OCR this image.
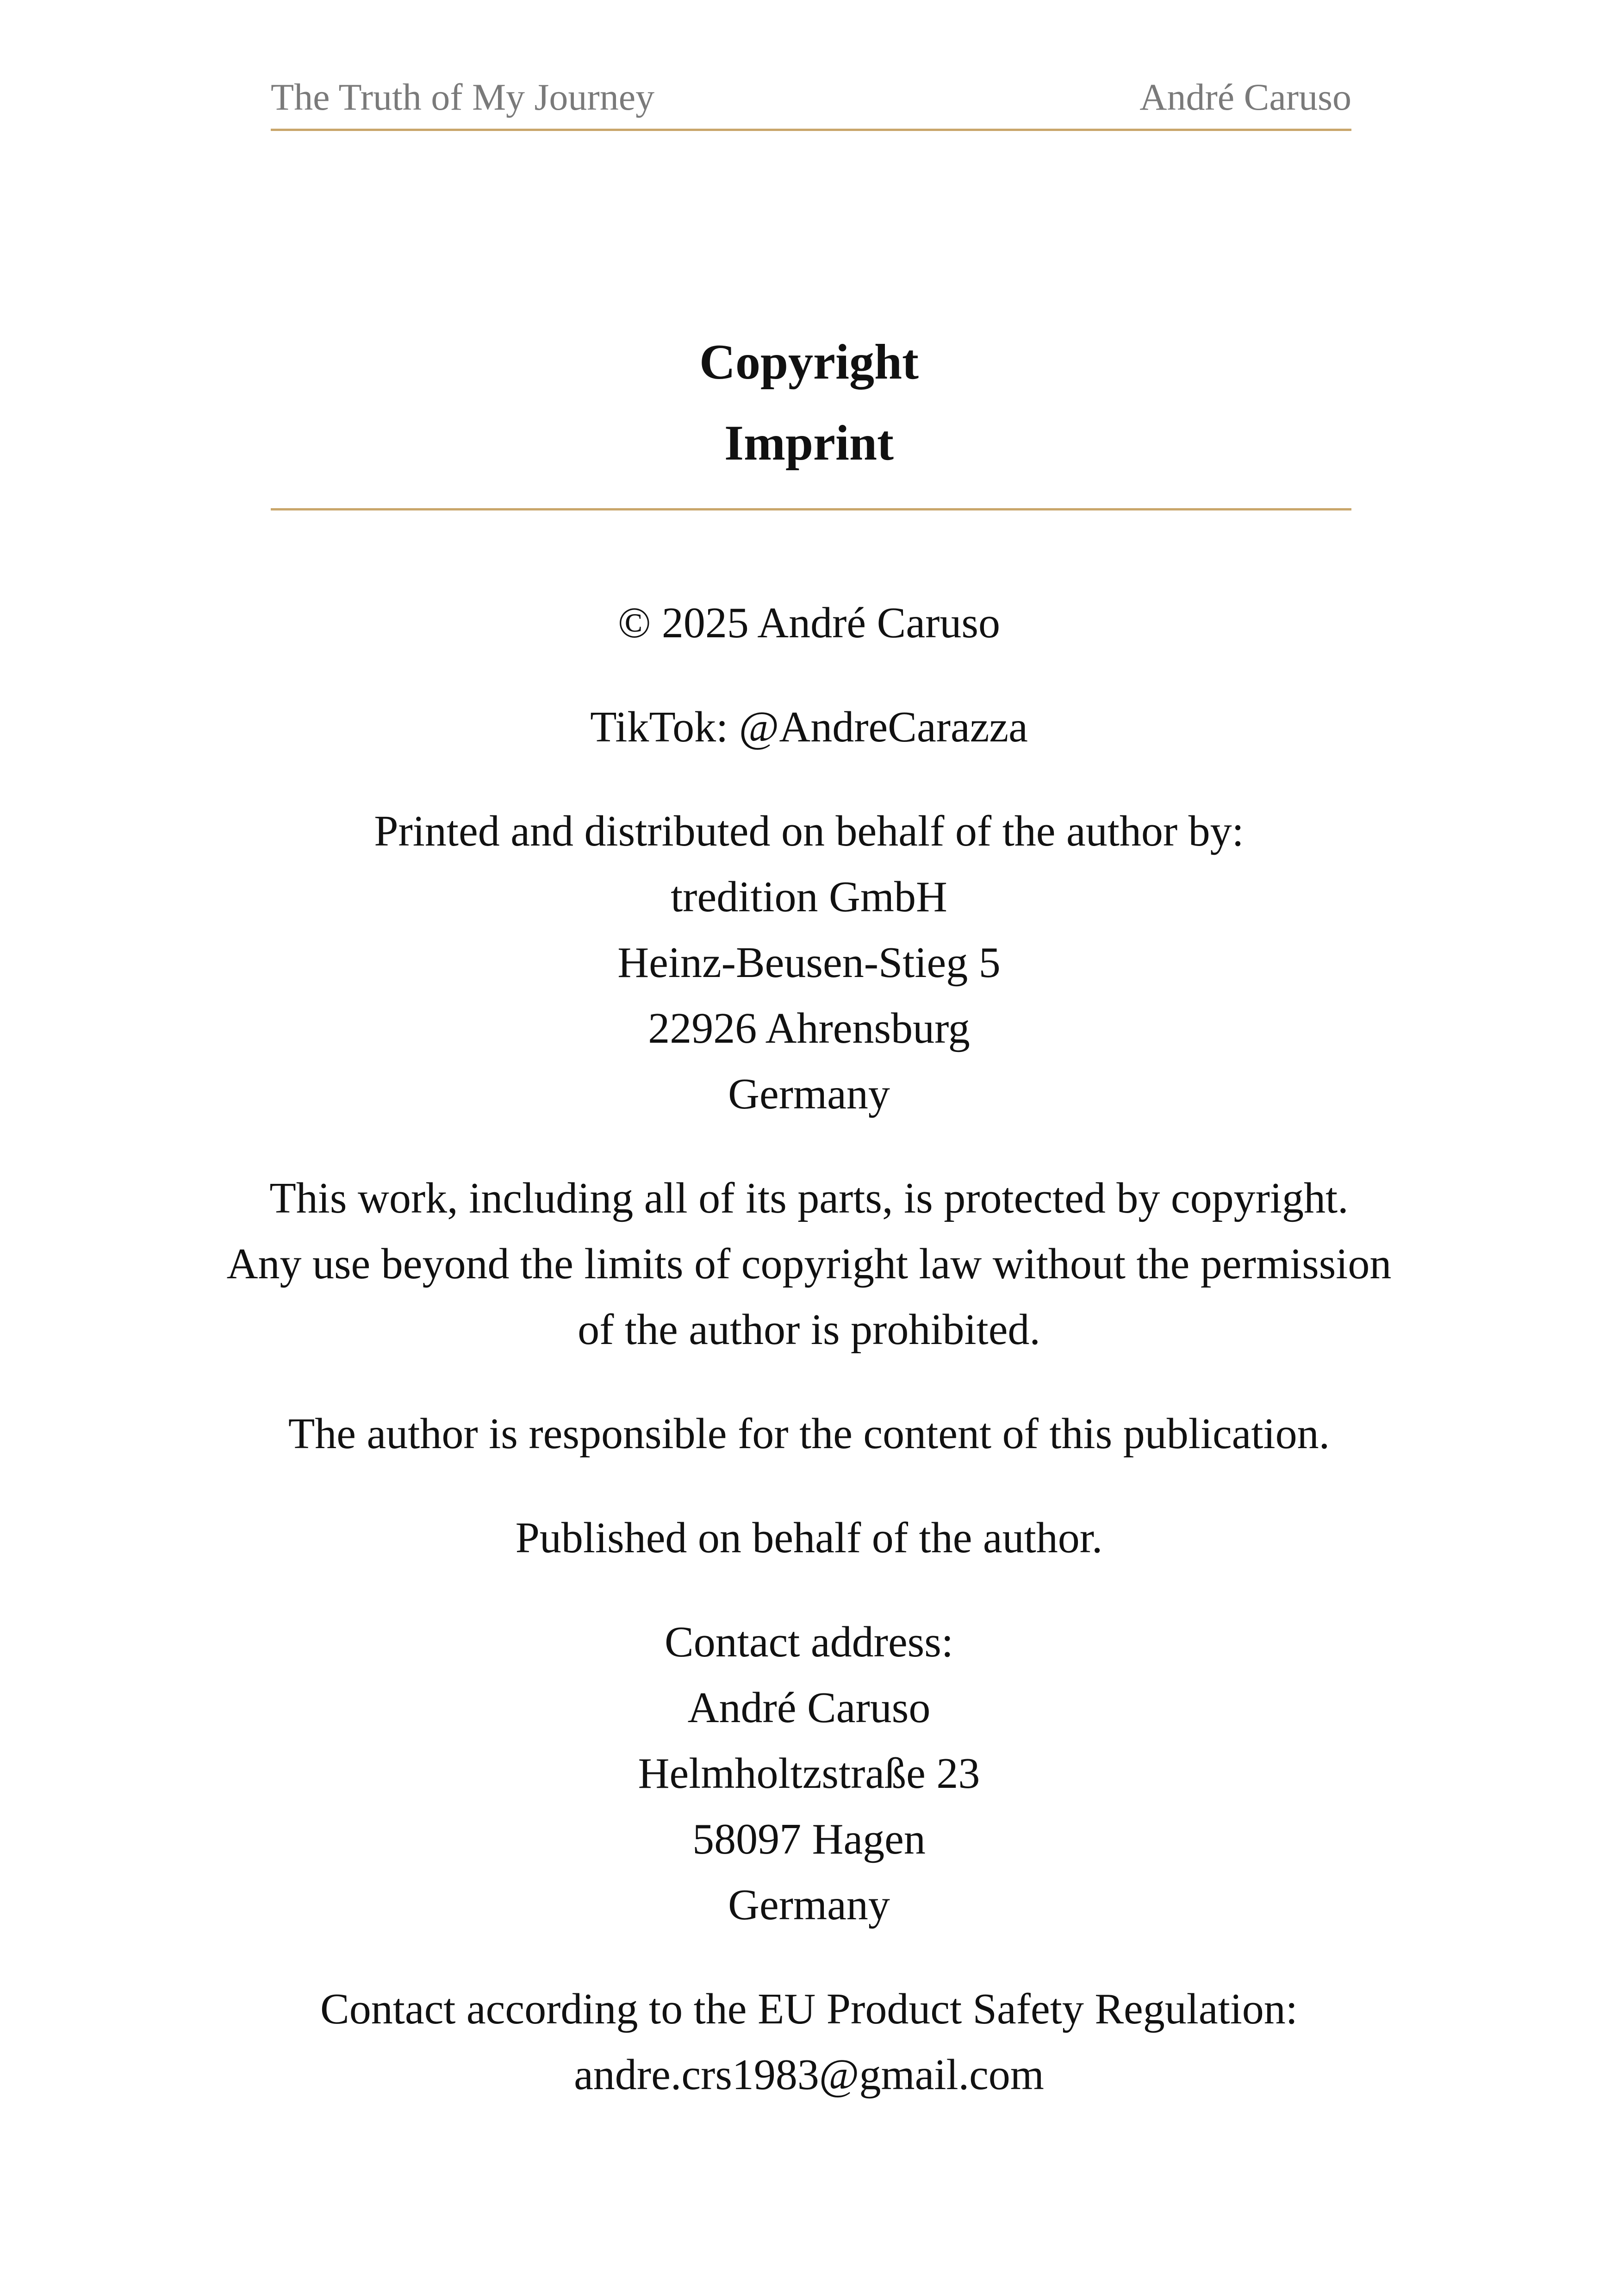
The Truth of My Journey	André Caruso
Copyright
Imprint

© 2025 André Caruso

TikTok: @AndreCarazza

Printed and distributed on behalf of the author by:
tredition GmbH
Heinz-Beusen-Stieg 5
22926 Ahrensburg
Germany

This work, including all of its parts, is protected by copyright.
Any use beyond the limits of copyright law without the permission
of the author is prohibited.

The author is responsible for the content of this publication.

Published on behalf of the author.

Contact address:
André Caruso
Helmholtzstraße 23
58097 Hagen
Germany

Contact according to the EU Product Safety Regulation:
andre.crs1983@gmail.com
